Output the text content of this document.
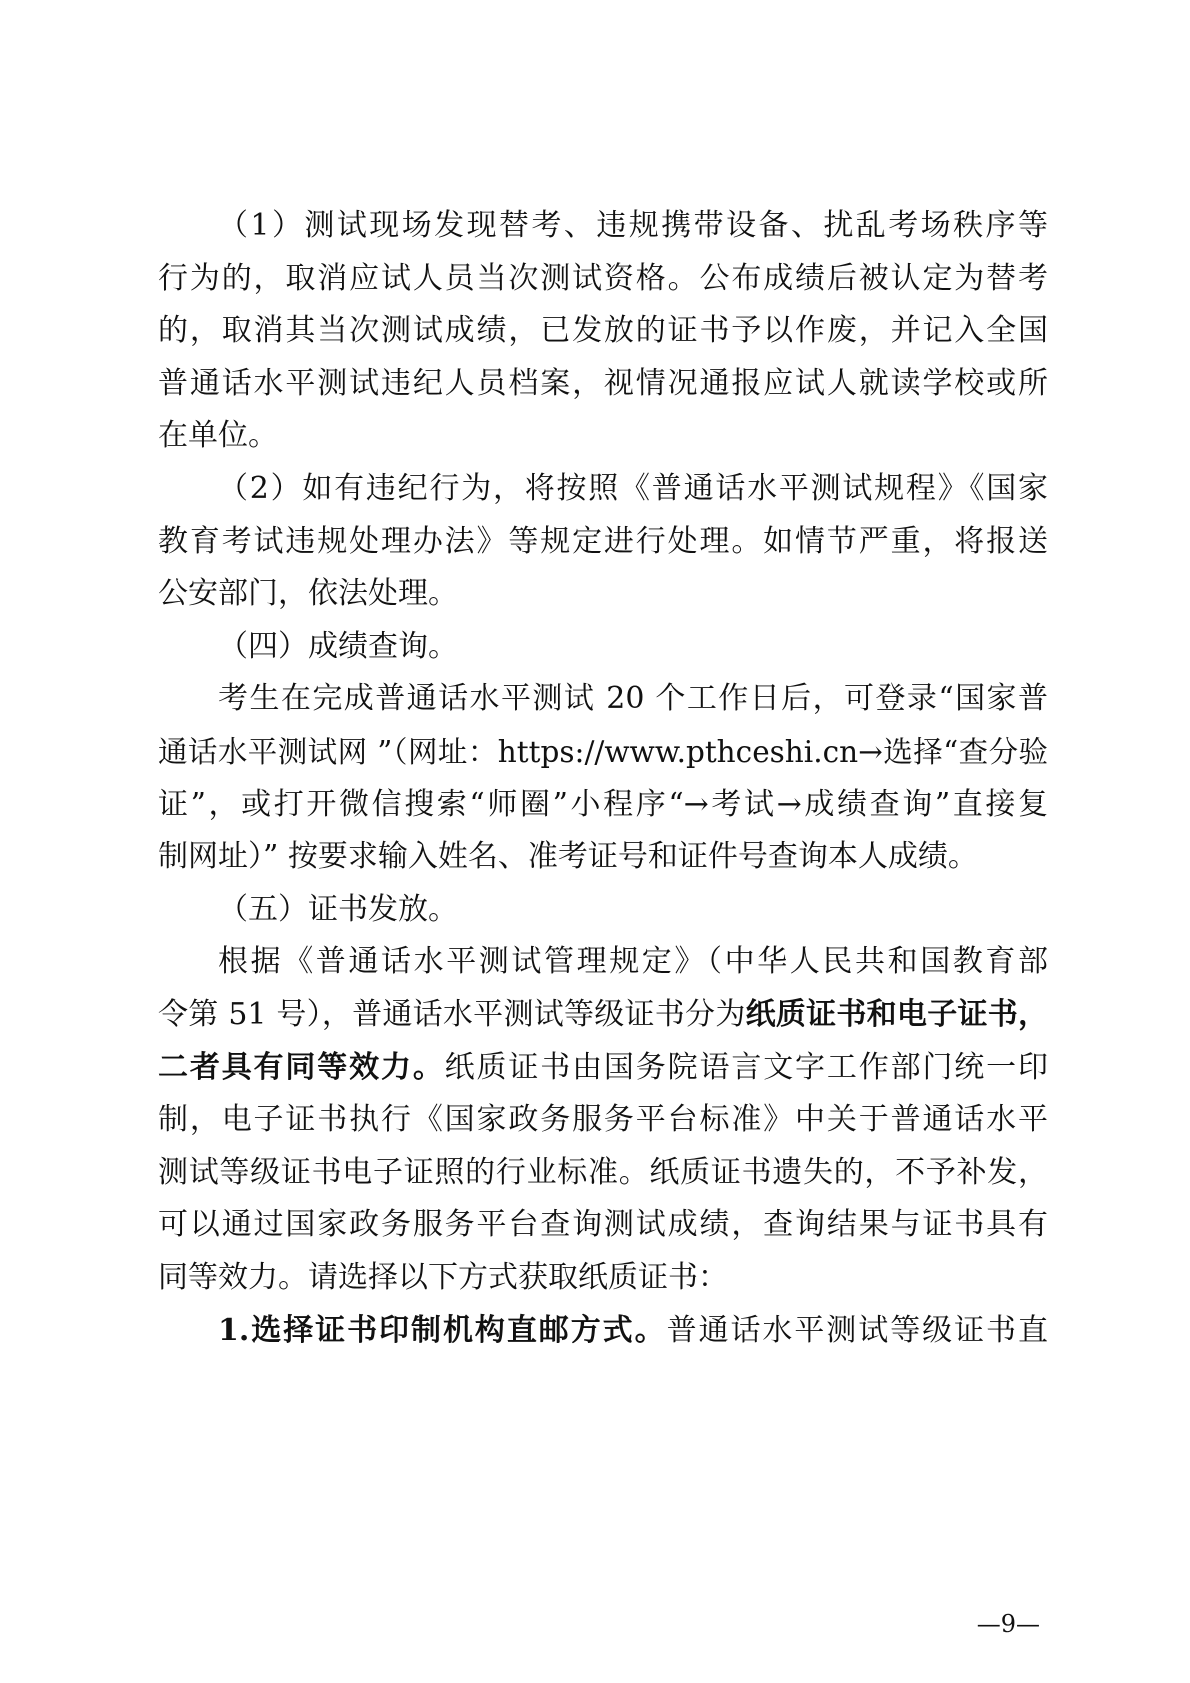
（1）测试现场发现替考、违规携带设备、扰乱考场秩序等
行为的，取消应试人员当次测试资格。公布成绩后被认定为替考
的，取消其当次测试成绩，已发放的证书予以作废，并记入全国
普通话水平测试违纪人员档案，视情况通报应试人就读学校或所
在单位。
（2）如有违纪行为，将按照《普通话水平测试规程》《国家
教育考试违规处理办法》等规定进行处理。如情节严重，将报送
公安部门，依法处理。
（四）成绩查询。
考生在完成普通话水平测试 20 个工作日后，可登录“国家普
通话水平测试网 ”（网址：https://www.pthceshi.cn→选择“查分验
证”，或打开微信搜索“师圈”小程序“→考试→成绩查询”直接复
制网址）” 按要求输入姓名、准考证号和证件号查询本人成绩。
（五）证书发放。
根据《普通话水平测试管理规定》（中华人民共和国教育部
令第 51 号），普通话水平测试等级证书分为纸质证书和电子证书，
二者具有同等效力。纸质证书由国务院语言文字工作部门统一印
制，电子证书执行《国家政务服务平台标准》中关于普通话水平
测试等级证书电子证照的行业标准。纸质证书遗失的，不予补发，
可以通过国家政务服务平台查询测试成绩，查询结果与证书具有
同等效力。请选择以下方式获取纸质证书：
1.选择证书印制机构直邮方式。普通话水平测试等级证书直
—9—
